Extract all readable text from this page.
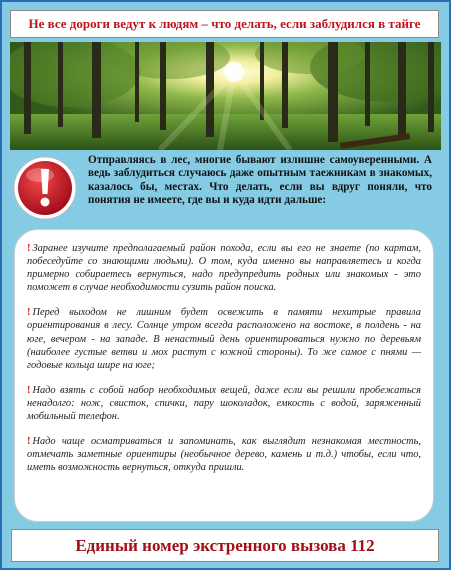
Не все дороги ведут к людям – что делать, если заблудился в тайге

Отправляясь в лес, многие бывают излишне самоуверенными. А ведь заблудиться случаюсь даже опытным таежникам в знакомых, казалось бы, местах. Что делать, если вы вдруг поняли, что понятия не имеете, где вы и куда идти дальше:

! Заранее изучите предполагаемый район похода, если вы его не знаете (по картам, побеседуйте со знающими людьми). О том, куда именно вы направляетесь и когда примерно собираетесь вернуться, надо предупредить родных или знакомых - это поможет в случае необходимости сузить район поиска.

! Перед выходом не лишним будет освежить в памяти нехитрые правила ориентирования в лесу. Солнце утром всегда расположено на востоке, в полдень - на юге, вечером - на западе. В ненастный день ориентироваться нужно по деревьям (наиболее густые ветви и мох растут с южной стороны). То же самое с пнями — годовые кольца шире на юге;

! Надо взять с собой набор необходимых вещей, даже если вы решили пробежаться ненадолго: нож, свисток, спички, пару шоколадок, емкость с водой, заряженный мобильный телефон.

! Надо чаще осматриваться и запоминать, как выглядит незнакомая местность, отмечать заметные ориентиры (необычное дерево, камень и т.д.) чтобы, если что, иметь возможность вернуться, откуда пришли.

Единый номер экстренного вызова 112
